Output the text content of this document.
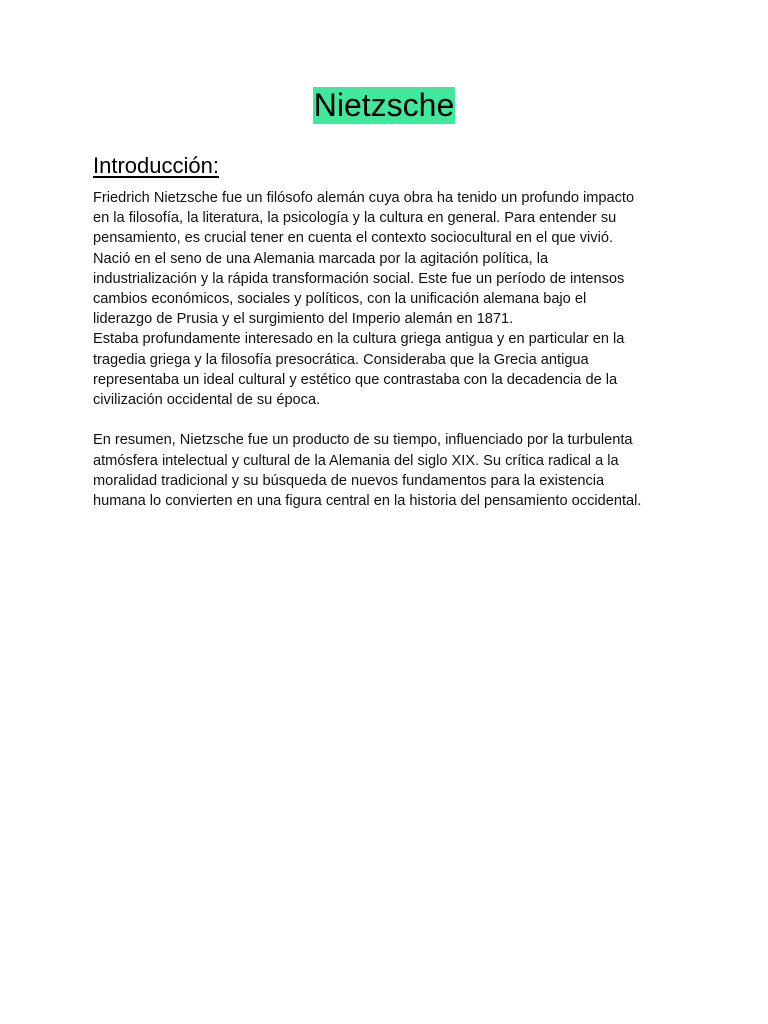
Nietzsche
Introducción:

Friedrich Nietzsche fue un filósofo alemán cuya obra ha tenido un profundo impacto

en la filosofía, la literatura, la psicología y la cultura en general. Para entender su

pensamiento, es crucial tener en cuenta el contexto sociocultural en el que vivió.

Nació en el seno de una Alemania marcada por la agitación política, la

industrialización y la rápida transformación social. Este fue un período de intensos

cambios económicos, sociales y políticos, con la unificación alemana bajo el

liderazgo de Prusia y el surgimiento del Imperio alemán en 1871.

Estaba profundamente interesado en la cultura griega antigua y en particular en la

tragedia griega y la filosofía presocrática. Consideraba que la Grecia antigua

representaba un ideal cultural y estético que contrastaba con la decadencia de la

civilización occidental de su época.

En resumen, Nietzsche fue un producto de su tiempo, influenciado por la turbulenta

atmósfera intelectual y cultural de la Alemania del siglo XIX. Su crítica radical a la

moralidad tradicional y su búsqueda de nuevos fundamentos para la existencia

humana lo convierten en una figura central en la historia del pensamiento occidental.
